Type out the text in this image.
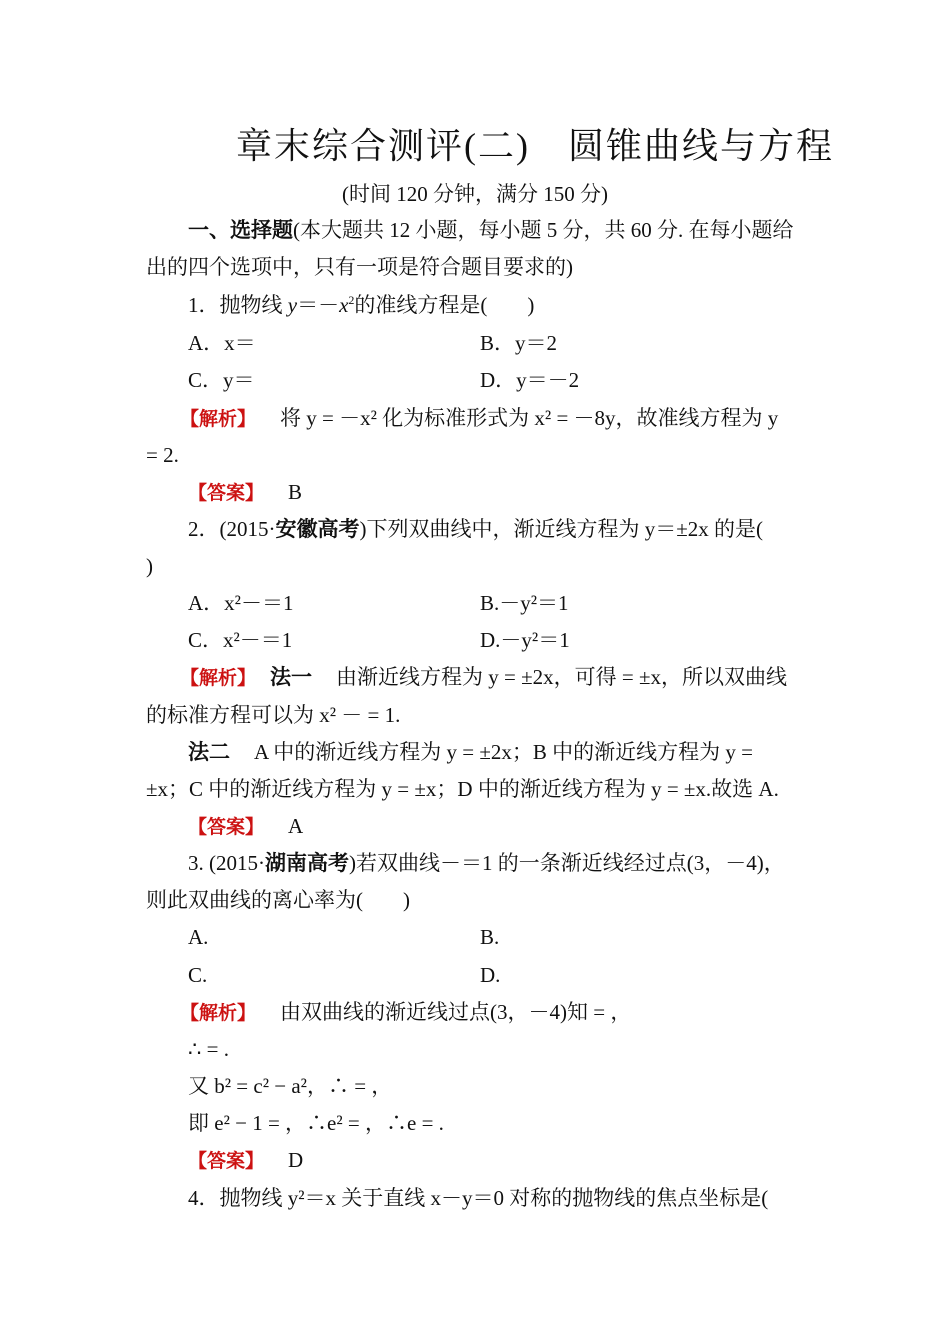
章末综合测评(二) 圆锥曲线与方程
(时间 120 分钟，满分 150 分)
一、选择题(本大题共 12 小题，每小题 5 分，共 60 分. 在每小题给
出的四个选项中，只有一项是符合题目要求的)
1．抛物线 $y=-x^2$的准线方程是( )
A．x＝	B．y＝2
C．y＝	D．y＝－2
【解析】 将 y = －x² 化为标准形式为 x² = －8y，故准线方程为 y
= 2.
【答案】 B
2．(2015·安徽高考)下列双曲线中，渐近线方程为 y＝±2x 的是(
)
A．x²－＝1	B.－y²＝1
C．x²－＝1	D.－y²＝1
【解析】 法一 由渐近线方程为 y = ±2x，可得 = ±x，所以双曲线
的标准方程可以为 x² － = 1.
法二 A 中的渐近线方程为 y = ±2x；B 中的渐近线方程为 y =
±x；C 中的渐近线方程为 y = ±x；D 中的渐近线方程为 y = ±x.故选 A.
【答案】 A
3. (2015·湖南高考)若双曲线－＝1 的一条渐近线经过点(3，－4)，
则此双曲线的离心率为( )
A.	B.
C.	D.
【解析】 由双曲线的渐近线过点(3，－4)知 = ，
∴ = .
又 b² = c² − a²，∴ = ，
即 e² − 1 = ，∴e² = ，∴e = .
【答案】 D
4．抛物线 y²＝x 关于直线 x－y＝0 对称的抛物线的焦点坐标是(
